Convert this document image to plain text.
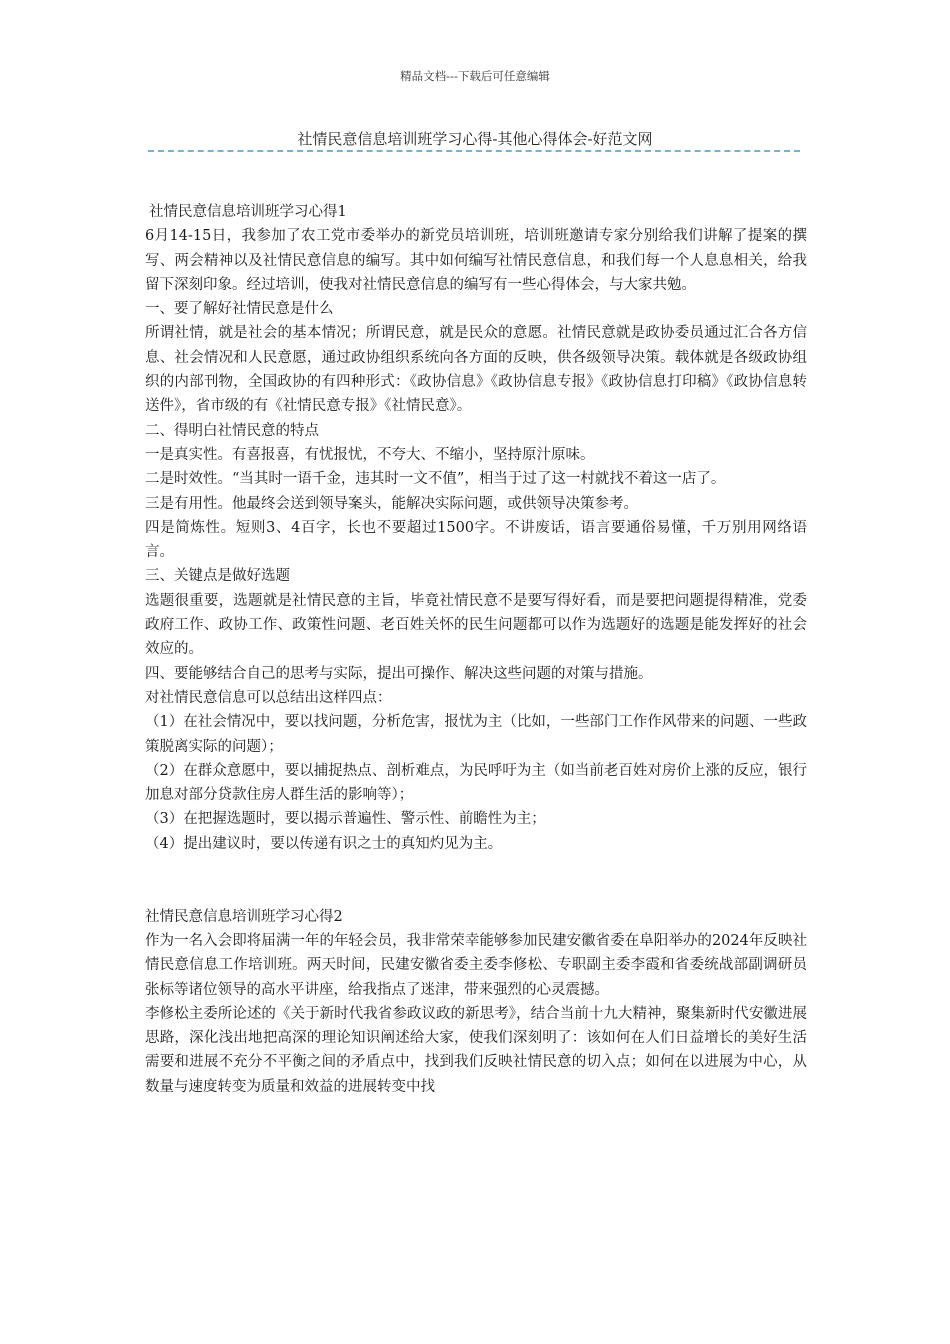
精品文档---下载后可任意编辑
社情民意信息培训班学习心得-其他心得体会-好范文网

社情民意信息培训班学习心得1

6月14-15日，我参加了农工党市委举办的新党员培训班，培训班邀请专家分别给我们讲解了提案的撰写、两会精神以及社情民意信息的编写。其中如何编写社情民意信息，和我们每一个人息息相关，给我留下深刻印象。经过培训，使我对社情民意信息的编写有一些心得体会，与大家共勉。

一、要了解好社情民意是什么

所谓社情，就是社会的基本情况；所谓民意，就是民众的意愿。社情民意就是政协委员通过汇合各方信息、社会情况和人民意愿，通过政协组织系统向各方面的反映，供各级领导决策。载体就是各级政协组织的内部刊物，全国政协的有四种形式：《政协信息》《政协信息专报》《政协信息打印稿》《政协信息转送件》，省市级的有《社情民意专报》《社情民意》。

二、得明白社情民意的特点

一是真实性。有喜报喜，有忧报忧，不夸大、不缩小，坚持原汁原味。

二是时效性。“当其时一语千金，违其时一文不值”，相当于过了这一村就找不着这一店了。

三是有用性。他最终会送到领导案头，能解决实际问题，或供领导决策参考。

四是简炼性。短则3、4百字，长也不要超过1500字。不讲废话，语言要通俗易懂，千万别用网络语言。

三、关键点是做好选题

选题很重要，选题就是社情民意的主旨，毕竟社情民意不是要写得好看，而是要把问题提得精准，党委政府工作、政协工作、政策性问题、老百姓关怀的民生问题都可以作为选题好的选题是能发挥好的社会效应的。

四、要能够结合自己的思考与实际，提出可操作、解决这些问题的对策与措施。

对社情民意信息可以总结出这样四点：

（1）在社会情况中，要以找问题，分析危害，报忧为主（比如，一些部门工作作风带来的问题、一些政策脱离实际的问题）；

（2）在群众意愿中，要以捕捉热点、剖析难点，为民呼吁为主（如当前老百姓对房价上涨的反应，银行加息对部分贷款住房人群生活的影响等）；

（3）在把握选题时，要以揭示普遍性、警示性、前瞻性为主；

（4）提出建议时，要以传递有识之士的真知灼见为主。

社情民意信息培训班学习心得2

作为一名入会即将届满一年的年轻会员，我非常荣幸能够参加民建安徽省委在阜阳举办的2024年反映社情民意信息工作培训班。两天时间，民建安徽省委主委李修松、专职副主委李霞和省委统战部副调研员张标等诸位领导的高水平讲座，给我指点了迷津，带来强烈的心灵震撼。

李修松主委所论述的《关于新时代我省参政议政的新思考》，结合当前十九大精神，聚集新时代安徽进展思路，深化浅出地把高深的理论知识阐述给大家，使我们深刻明了：该如何在人们日益增长的美好生活需要和进展不充分不平衡之间的矛盾点中，找到我们反映社情民意的切入点；如何在以进展为中心，从数量与速度转变为质量和效益的进展转变中找
